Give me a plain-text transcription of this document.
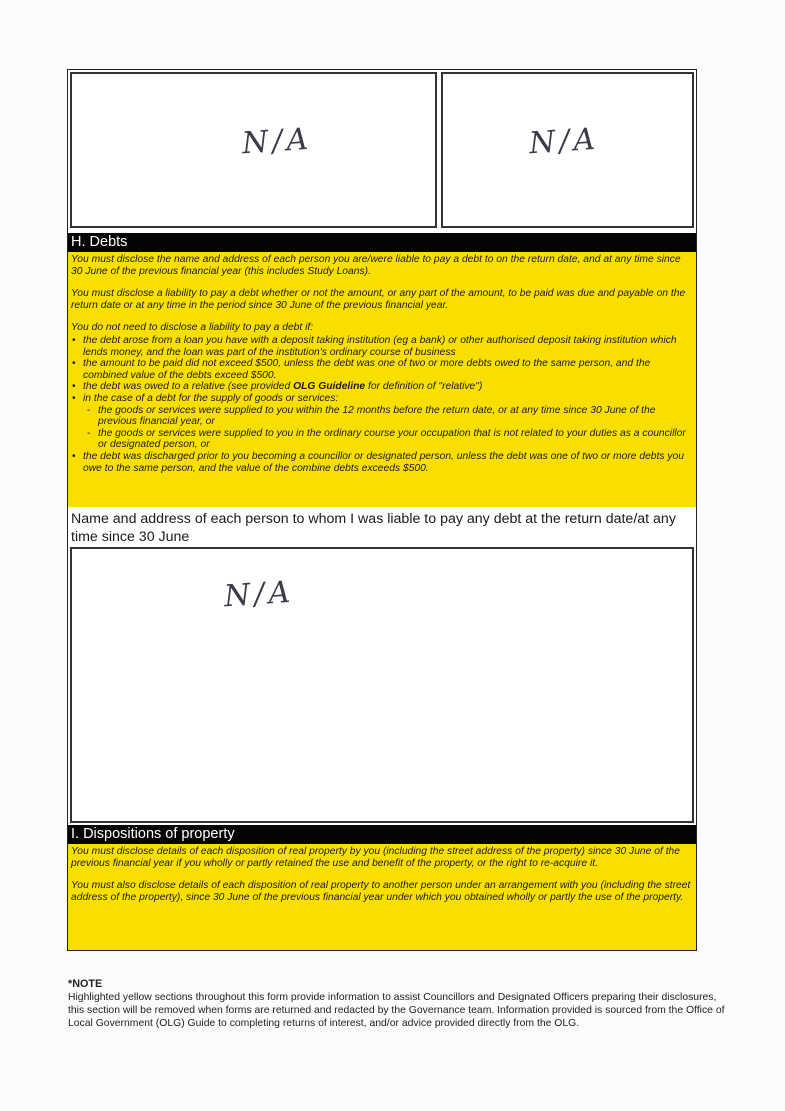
N/A	N/A
H. Debts

You must disclose the name and address of each person you are/were liable to pay a debt to on the return date, and at any time since 30 June of the previous financial year (this includes Study Loans).

You must disclose a liability to pay a debt whether or not the amount, or any part of the amount, to be paid was due and payable on the return date or at any time in the period since 30 June of the previous financial year.

You do not need to disclose a liability to pay a debt if:

• the debt arose from a loan you have with a deposit taking institution (eg a bank) or other authorised deposit taking institution which lends money, and the loan was part of the institution's ordinary course of business
• the amount to be paid did not exceed $500, unless the debt was one of two or more debts owed to the same person, and the combined value of the debts exceed $500.
• the debt was owed to a relative (see provided OLG Guideline for definition of "relative")
• in the case of a debt for the supply of goods or services:
- the goods or services were supplied to you within the 12 months before the return date, or at any time since 30 June of the previous financial year, or
- the goods or services were supplied to you in the ordinary course your occupation that is not related to your duties as a councillor or designated person, or
• the debt was discharged prior to you becoming a councillor or designated person, unless the debt was one of two or more debts you owe to the same person, and the value of the combine debts exceeds $500.
Name and address of each person to whom I was liable to pay any debt at the return date/at any time since 30 June
N/A
I. Dispositions of property

You must disclose details of each disposition of real property by you (including the street address of the property) since 30 June of the previous financial year if you wholly or partly retained the use and benefit of the property, or the right to re-acquire it.

You must also disclose details of each disposition of real property to another person under an arrangement with you (including the street address of the property), since 30 June of the previous financial year under which you obtained wholly or partly the use of the property.

*NOTE
Highlighted yellow sections throughout this form provide information to assist Councillors and Designated Officers preparing their disclosures, this section will be removed when forms are returned and redacted by the Governance team. Information provided is sourced from the Office of Local Government (OLG) Guide to completing returns of interest, and/or advice provided directly from the OLG.
